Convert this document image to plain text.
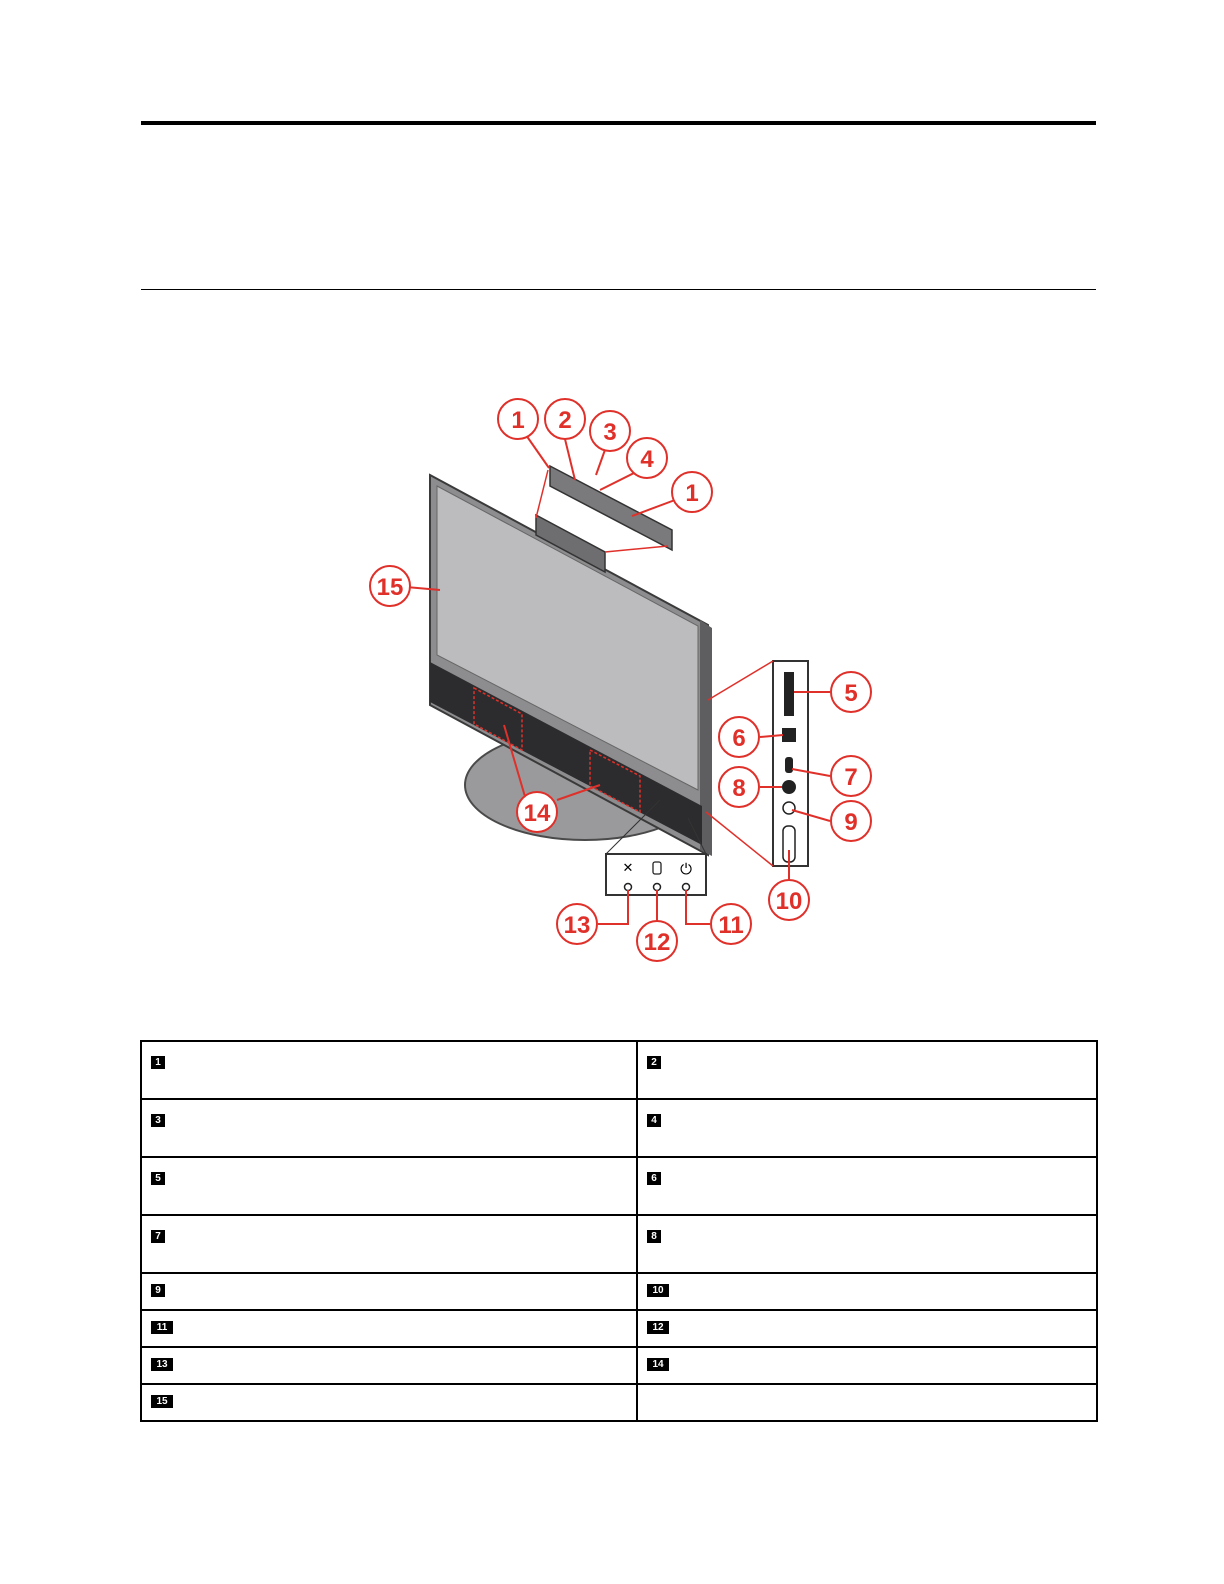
✕	⏻
1 2 3
4
1
15
5
6
7
8
9
14
10
13	11
12
1	2
3	4
5	6
7	8
9	10
11	12
13	14
15	
